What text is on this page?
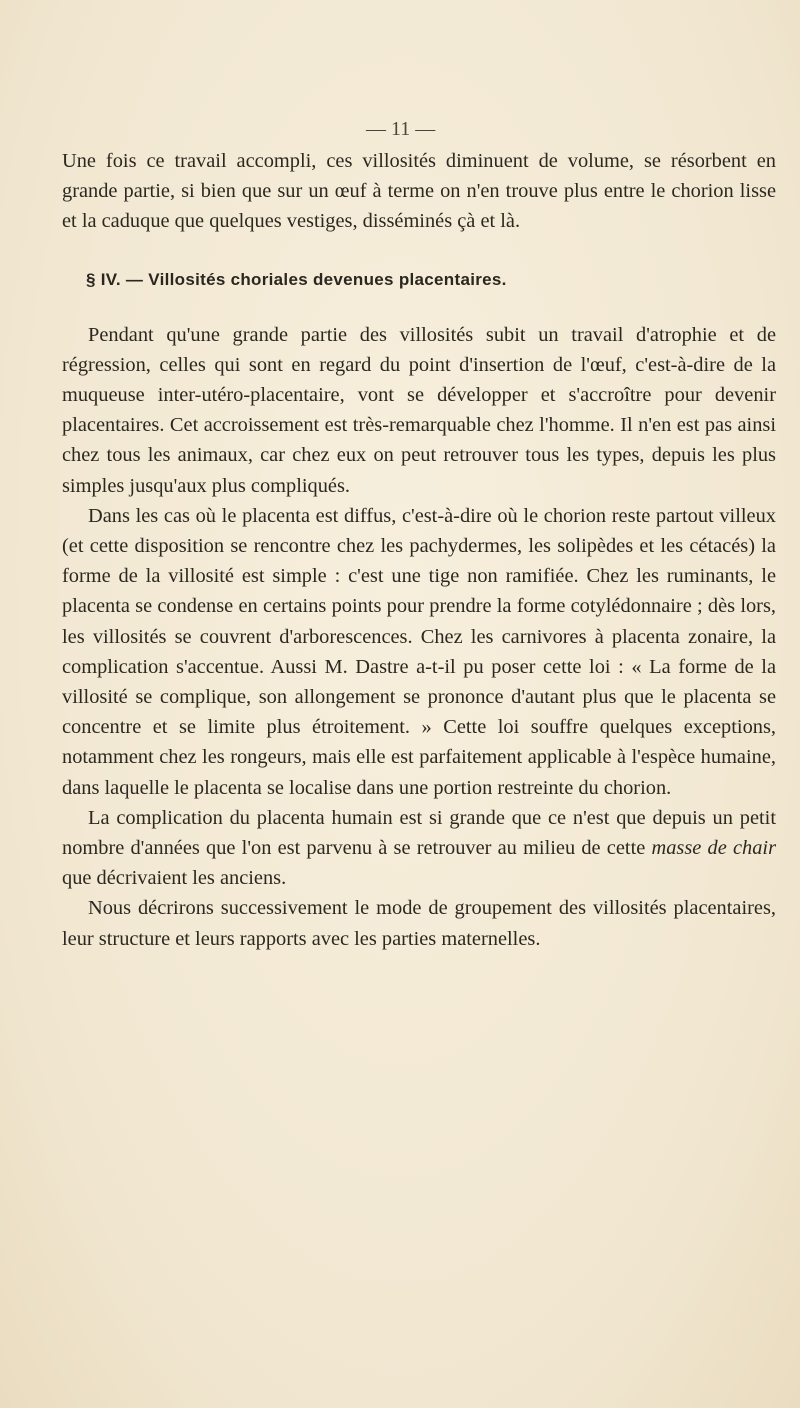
— 11 —

Une fois ce travail accompli, ces villosités diminuent de volume, se résorbent en grande partie, si bien que sur un œuf à terme on n'en trouve plus entre le chorion lisse et la caduque que quelques vestiges, disséminés çà et là.

§ IV. — Villosités choriales devenues placentaires.

Pendant qu'une grande partie des villosités subit un travail d'atrophie et de régression, celles qui sont en regard du point d'insertion de l'œuf, c'est-à-dire de la muqueuse inter-utéro-placentaire, vont se développer et s'accroître pour devenir placentaires. Cet accroissement est très-remarquable chez l'homme. Il n'en est pas ainsi chez tous les animaux, car chez eux on peut retrouver tous les types, depuis les plus simples jusqu'aux plus compliqués.

Dans les cas où le placenta est diffus, c'est-à-dire où le chorion reste partout villeux (et cette disposition se rencontre chez les pachydermes, les solipèdes et les cétacés) la forme de la villosité est simple : c'est une tige non ramifiée. Chez les ruminants, le placenta se condense en certains points pour prendre la forme cotylédonnaire ; dès lors, les villosités se couvrent d'arborescences. Chez les carnivores à placenta zonaire, la complication s'accentue. Aussi M. Dastre a-t-il pu poser cette loi : « La forme de la villosité se complique, son allongement se prononce d'autant plus que le placenta se concentre et se limite plus étroitement. » Cette loi souffre quelques exceptions, notamment chez les rongeurs, mais elle est parfaitement applicable à l'espèce humaine, dans laquelle le placenta se localise dans une portion restreinte du chorion.

La complication du placenta humain est si grande que ce n'est que depuis un petit nombre d'années que l'on est parvenu à se retrouver au milieu de cette masse de chair que décrivaient les anciens.

Nous décrirons successivement le mode de groupement des villosités placentaires, leur structure et leurs rapports avec les parties maternelles.
